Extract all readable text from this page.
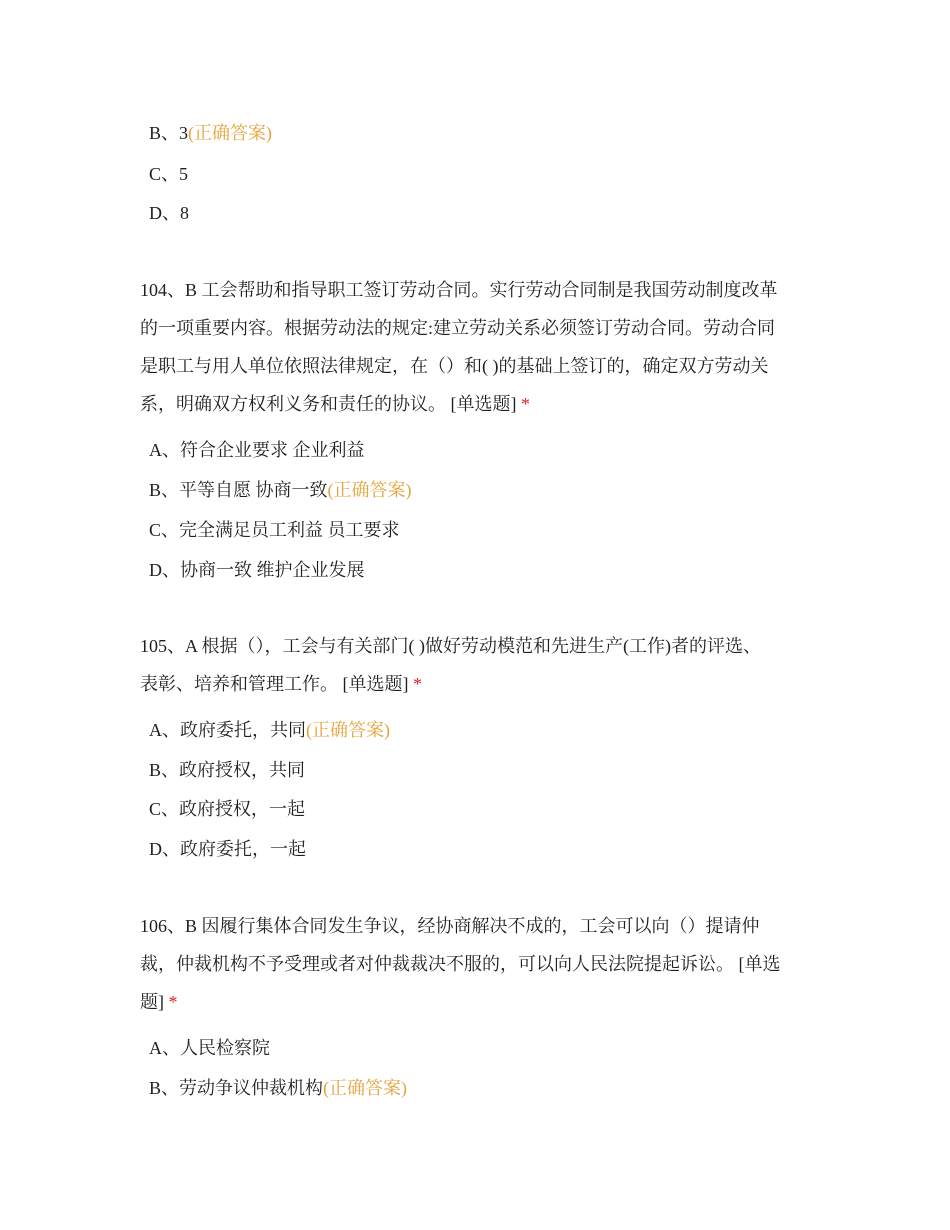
B、3(正确答案)
C、5
D、8
104、B 工会帮助和指导职工签订劳动合同。实行劳动合同制是我国劳动制度改革
的一项重要内容。根据劳动法的规定:建立劳动关系必须签订劳动合同。劳动合同
是职工与用人单位依照法律规定，在（）和( )的基础上签订的，确定双方劳动关
系，明确双方权利义务和责任的协议。 [单选题] *
A、符合企业要求 企业利益
B、平等自愿 协商一致(正确答案)
C、完全满足员工利益 员工要求
D、协商一致 维护企业发展
105、A 根据（），工会与有关部门( )做好劳动模范和先进生产(工作)者的评选、
表彰、培养和管理工作。 [单选题] *
A、政府委托，共同(正确答案)
B、政府授权，共同
C、政府授权，一起
D、政府委托，一起
106、B 因履行集体合同发生争议，经协商解决不成的，工会可以向（）提请仲
裁，仲裁机构不予受理或者对仲裁裁决不服的，可以向人民法院提起诉讼。 [单选
题] *
A、人民检察院
B、劳动争议仲裁机构(正确答案)
